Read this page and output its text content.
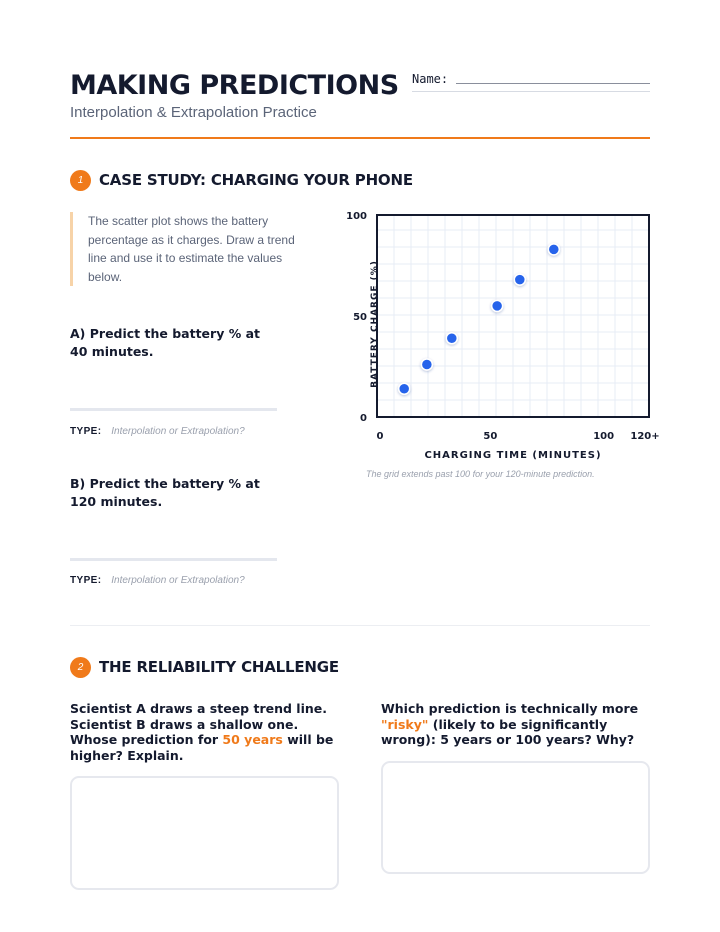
MAKING PREDICTIONS
Interpolation & Extrapolation Practice
Name:
1	CASE STUDY: CHARGING YOUR PHONE
The scatter plot shows the battery percentage as it charges. Draw a trend line and use it to estimate the values below.
A) Predict the battery % at 40 minutes.
TYPE: Interpolation or Extrapolation?
B) Predict the battery % at 120 minutes.
TYPE: Interpolation or Extrapolation?
0	50	100 120+
0
50
100
CHARGING TIME (MINUTES)
BATTERY CHARGE (%)
The grid extends past 100 for your 120-minute prediction.
2	THE RELIABILITY CHALLENGE
Scientist A draws a steep trend line. Scientist B draws a shallow one. Whose prediction for 50 years will be higher? Explain.
Which prediction is technically more "risky" (likely to be significantly wrong): 5 years or 100 years? Why?
